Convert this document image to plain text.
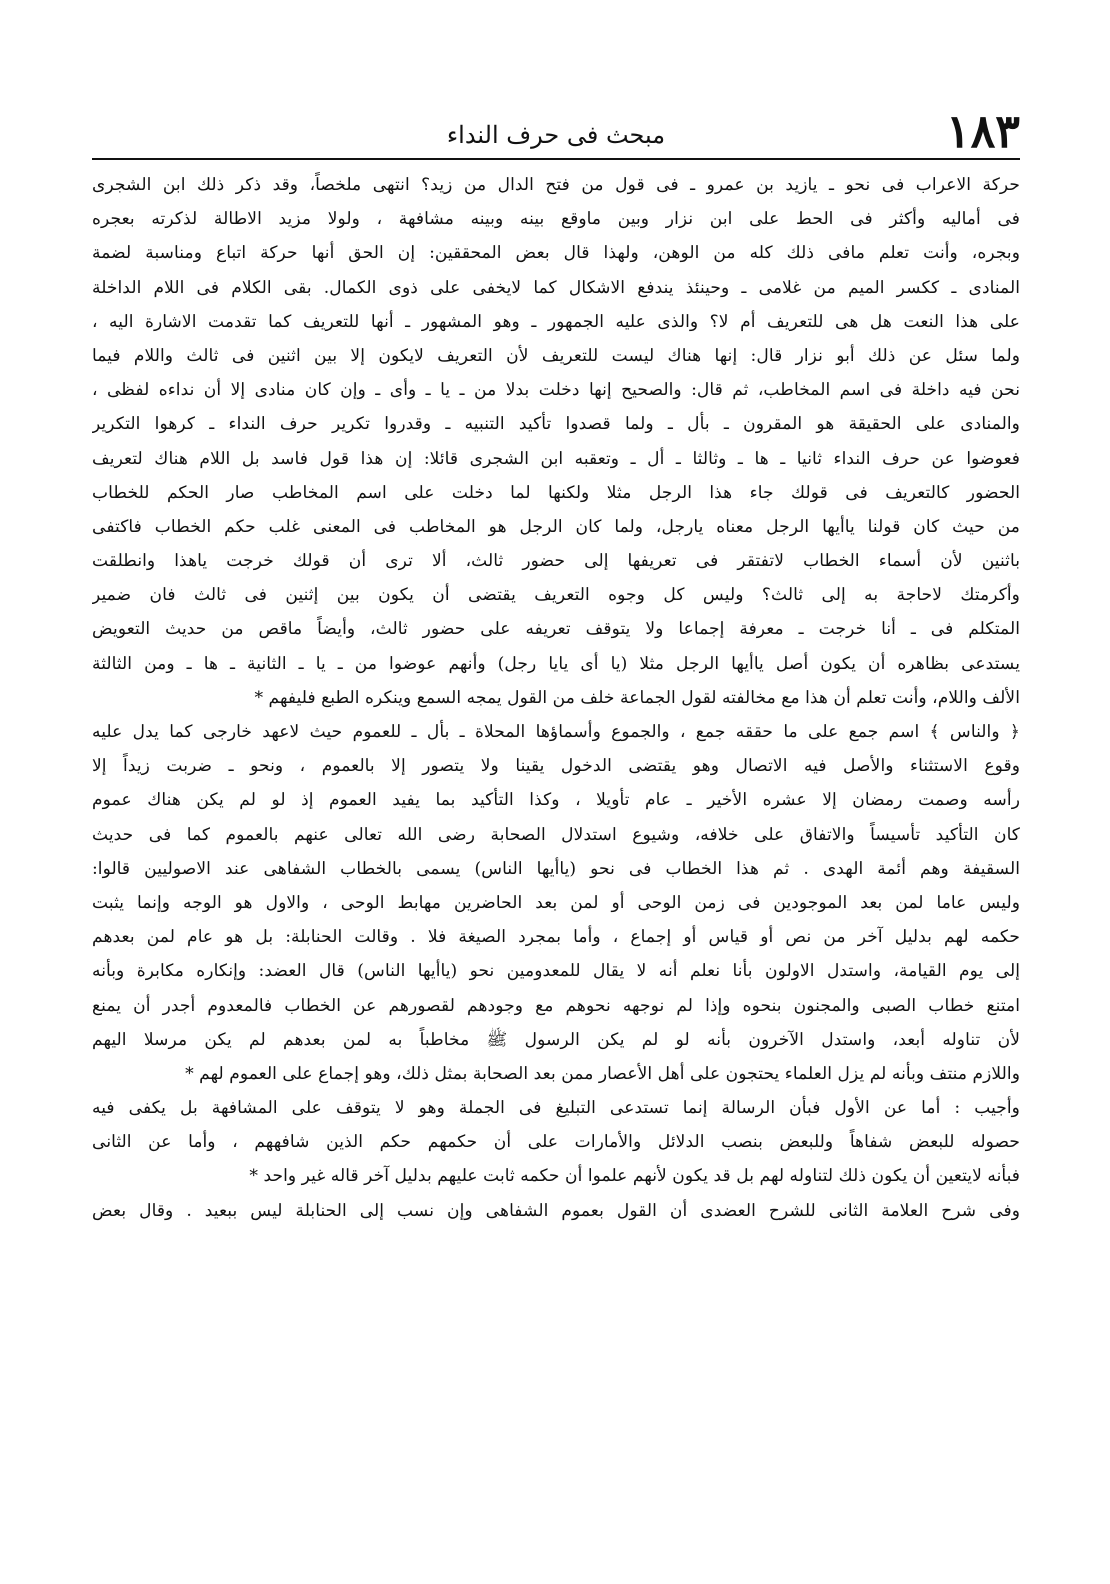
١٨٣
مبحث فى حرف النداء
حركة الاعراب فى نحو ـ يازيد بن عمرو ـ فى قول من فتح الدال من زيد؟ انتهى ملخصاً، وقد ذكر ذلك ابن الشجرى
فى أماليه وأكثر فى الحط على ابن نزار وبين ماوقع بينه وبينه مشافهة ، ولولا مزيد الاطالة لذكرته بعجره
وبجره، وأنت تعلم مافى ذلك كله من الوهن، ولهذا قال بعض المحققين: إن الحق أنها حركة اتباع ومناسبة لضمة
المنادى ـ ككسر الميم من غلامى ـ وحينئذ يندفع الاشكال كما لايخفى على ذوى الكمال. بقى الكلام فى اللام الداخلة
على هذا النعت هل هى للتعريف أم لا؟ والذى عليه الجمهور ـ وهو المشهور ـ أنها للتعريف كما تقدمت الاشارة اليه ،
ولما سئل عن ذلك أبو نزار قال: إنها هناك ليست للتعريف لأن التعريف لايكون إلا بين اثنين فى ثالث واللام فيما
نحن فيه داخلة فى اسم المخاطب، ثم قال: والصحيح إنها دخلت بدلا من ـ يا ـ وأى ـ وإن كان منادى إلا أن نداءه لفظى ،
والمنادى على الحقيقة هو المقرون ـ بأل ـ ولما قصدوا تأكيد التنبيه ـ وقدروا تكرير حرف النداء ـ كرهوا التكرير
فعوضوا عن حرف النداء ثانيا ـ ها ـ وثالثا ـ أل ـ وتعقبه ابن الشجرى قائلا: إن هذا قول فاسد بل اللام هناك لتعريف
الحضور كالتعريف فى قولك جاء هذا الرجل مثلا ولكنها لما دخلت على اسم المخاطب صار الحكم للخطاب
من حيث كان قولنا ياأيها الرجل معناه يارجل، ولما كان الرجل هو المخاطب فى المعنى غلب حكم الخطاب فاكتفى
باثنين لأن أسماء الخطاب لاتفتقر فى تعريفها إلى حضور ثالث، ألا ترى أن قولك خرجت ياهذا وانطلقت
وأكرمتك لاحاجة به إلى ثالث؟ وليس كل وجوه التعريف يقتضى أن يكون بين إثنين فى ثالث فان ضمير
المتكلم فى ـ أنا خرجت ـ معرفة إجماعا ولا يتوقف تعريفه على حضور ثالث، وأيضاً ماقص من حديث التعويض
يستدعى بظاهره أن يكون أصل ياأيها الرجل مثلا (يا أى يايا رجل) وأنهم عوضوا من ـ يا ـ الثانية ـ ها ـ ومن الثالثة
الألف واللام، وأنت تعلم أن هذا مع مخالفته لقول الجماعة خلف من القول يمجه السمع وينكره الطبع فليفهم *
﴿ والناس ﴾ اسم جمع على ما حققه جمع ، والجموع وأسماؤها المحلاة ـ بأل ـ للعموم حيث لاعهد خارجى كما يدل عليه
وقوع الاستثناء والأصل فيه الاتصال وهو يقتضى الدخول يقينا ولا يتصور إلا بالعموم ، ونحو ـ ضربت زيداً إلا
رأسه وصمت رمضان إلا عشره الأخير ـ عام تأويلا ، وكذا التأكيد بما يفيد العموم إذ لو لم يكن هناك عموم
كان التأكيد تأسيساً والاتفاق على خلافه، وشيوع استدلال الصحابة رضى الله تعالى عنهم بالعموم كما فى حديث
السقيفة وهم أئمة الهدى . ثم هذا الخطاب فى نحو (ياأيها الناس) يسمى بالخطاب الشفاهى عند الاصوليين قالوا:
وليس عاما لمن بعد الموجودين فى زمن الوحى أو لمن بعد الحاضرين مهابط الوحى ، والاول هو الوجه وإنما يثبت
حكمه لهم بدليل آخر من نص أو قياس أو إجماع ، وأما بمجرد الصيغة فلا . وقالت الحنابلة: بل هو عام لمن بعدهم
إلى يوم القيامة، واستدل الاولون بأنا نعلم أنه لا يقال للمعدومين نحو (ياأيها الناس) قال العضد: وإنكاره مكابرة وبأنه
امتنع خطاب الصبى والمجنون بنحوه وإذا لم نوجهه نحوهم مع وجودهم لقصورهم عن الخطاب فالمعدوم أجدر أن يمنع
لأن تناوله أبعد، واستدل الآخرون بأنه لو لم يكن الرسول ﷺ مخاطباً به لمن بعدهم لم يكن مرسلا اليهم
واللازم منتف وبأنه لم يزل العلماء يحتجون على أهل الأعصار ممن بعد الصحابة بمثل ذلك، وهو إجماع على العموم لهم *
وأجيب : أما عن الأول فبأن الرسالة إنما تستدعى التبليغ فى الجملة وهو لا يتوقف على المشافهة بل يكفى فيه
حصوله للبعض شفاهاً وللبعض بنصب الدلائل والأمارات على أن حكمهم حكم الذين شافههم ، وأما عن الثانى
فبأنه لايتعين أن يكون ذلك لتناوله لهم بل قد يكون لأنهم علموا أن حكمه ثابت عليهم بدليل آخر قاله غير واحد *
وفى شرح العلامة الثانى للشرح العضدى أن القول بعموم الشفاهى وإن نسب إلى الحنابلة ليس ببعيد . وقال بعض
